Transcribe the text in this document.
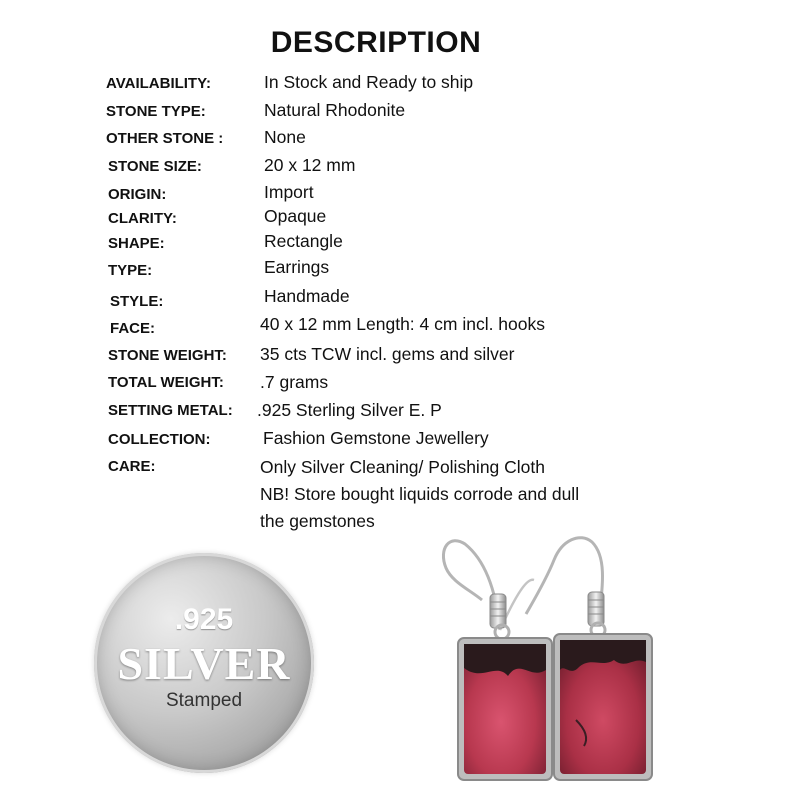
DESCRIPTION
AVAILABILITY:	In Stock and Ready to ship
STONE TYPE:	Natural Rhodonite
OTHER STONE : None
STONE SIZE:	20 x 12 mm
ORIGIN:	Import
CLARITY:	Opaque
SHAPE:	Rectangle
TYPE:	Earrings
STYLE:	Handmade
FACE:	40 x 12 mm Length: 4 cm incl. hooks
STONE WEIGHT: 35 cts TCW incl. gems and silver
TOTAL WEIGHT: .7 grams
SETTING METAL: .925 Sterling Silver E. P
COLLECTION:	Fashion Gemstone Jewellery
CARE:	Only Silver Cleaning/ Polishing Cloth
NB! Store bought liquids corrode and dull
the gemstones
.925
SILVER
Stamped
